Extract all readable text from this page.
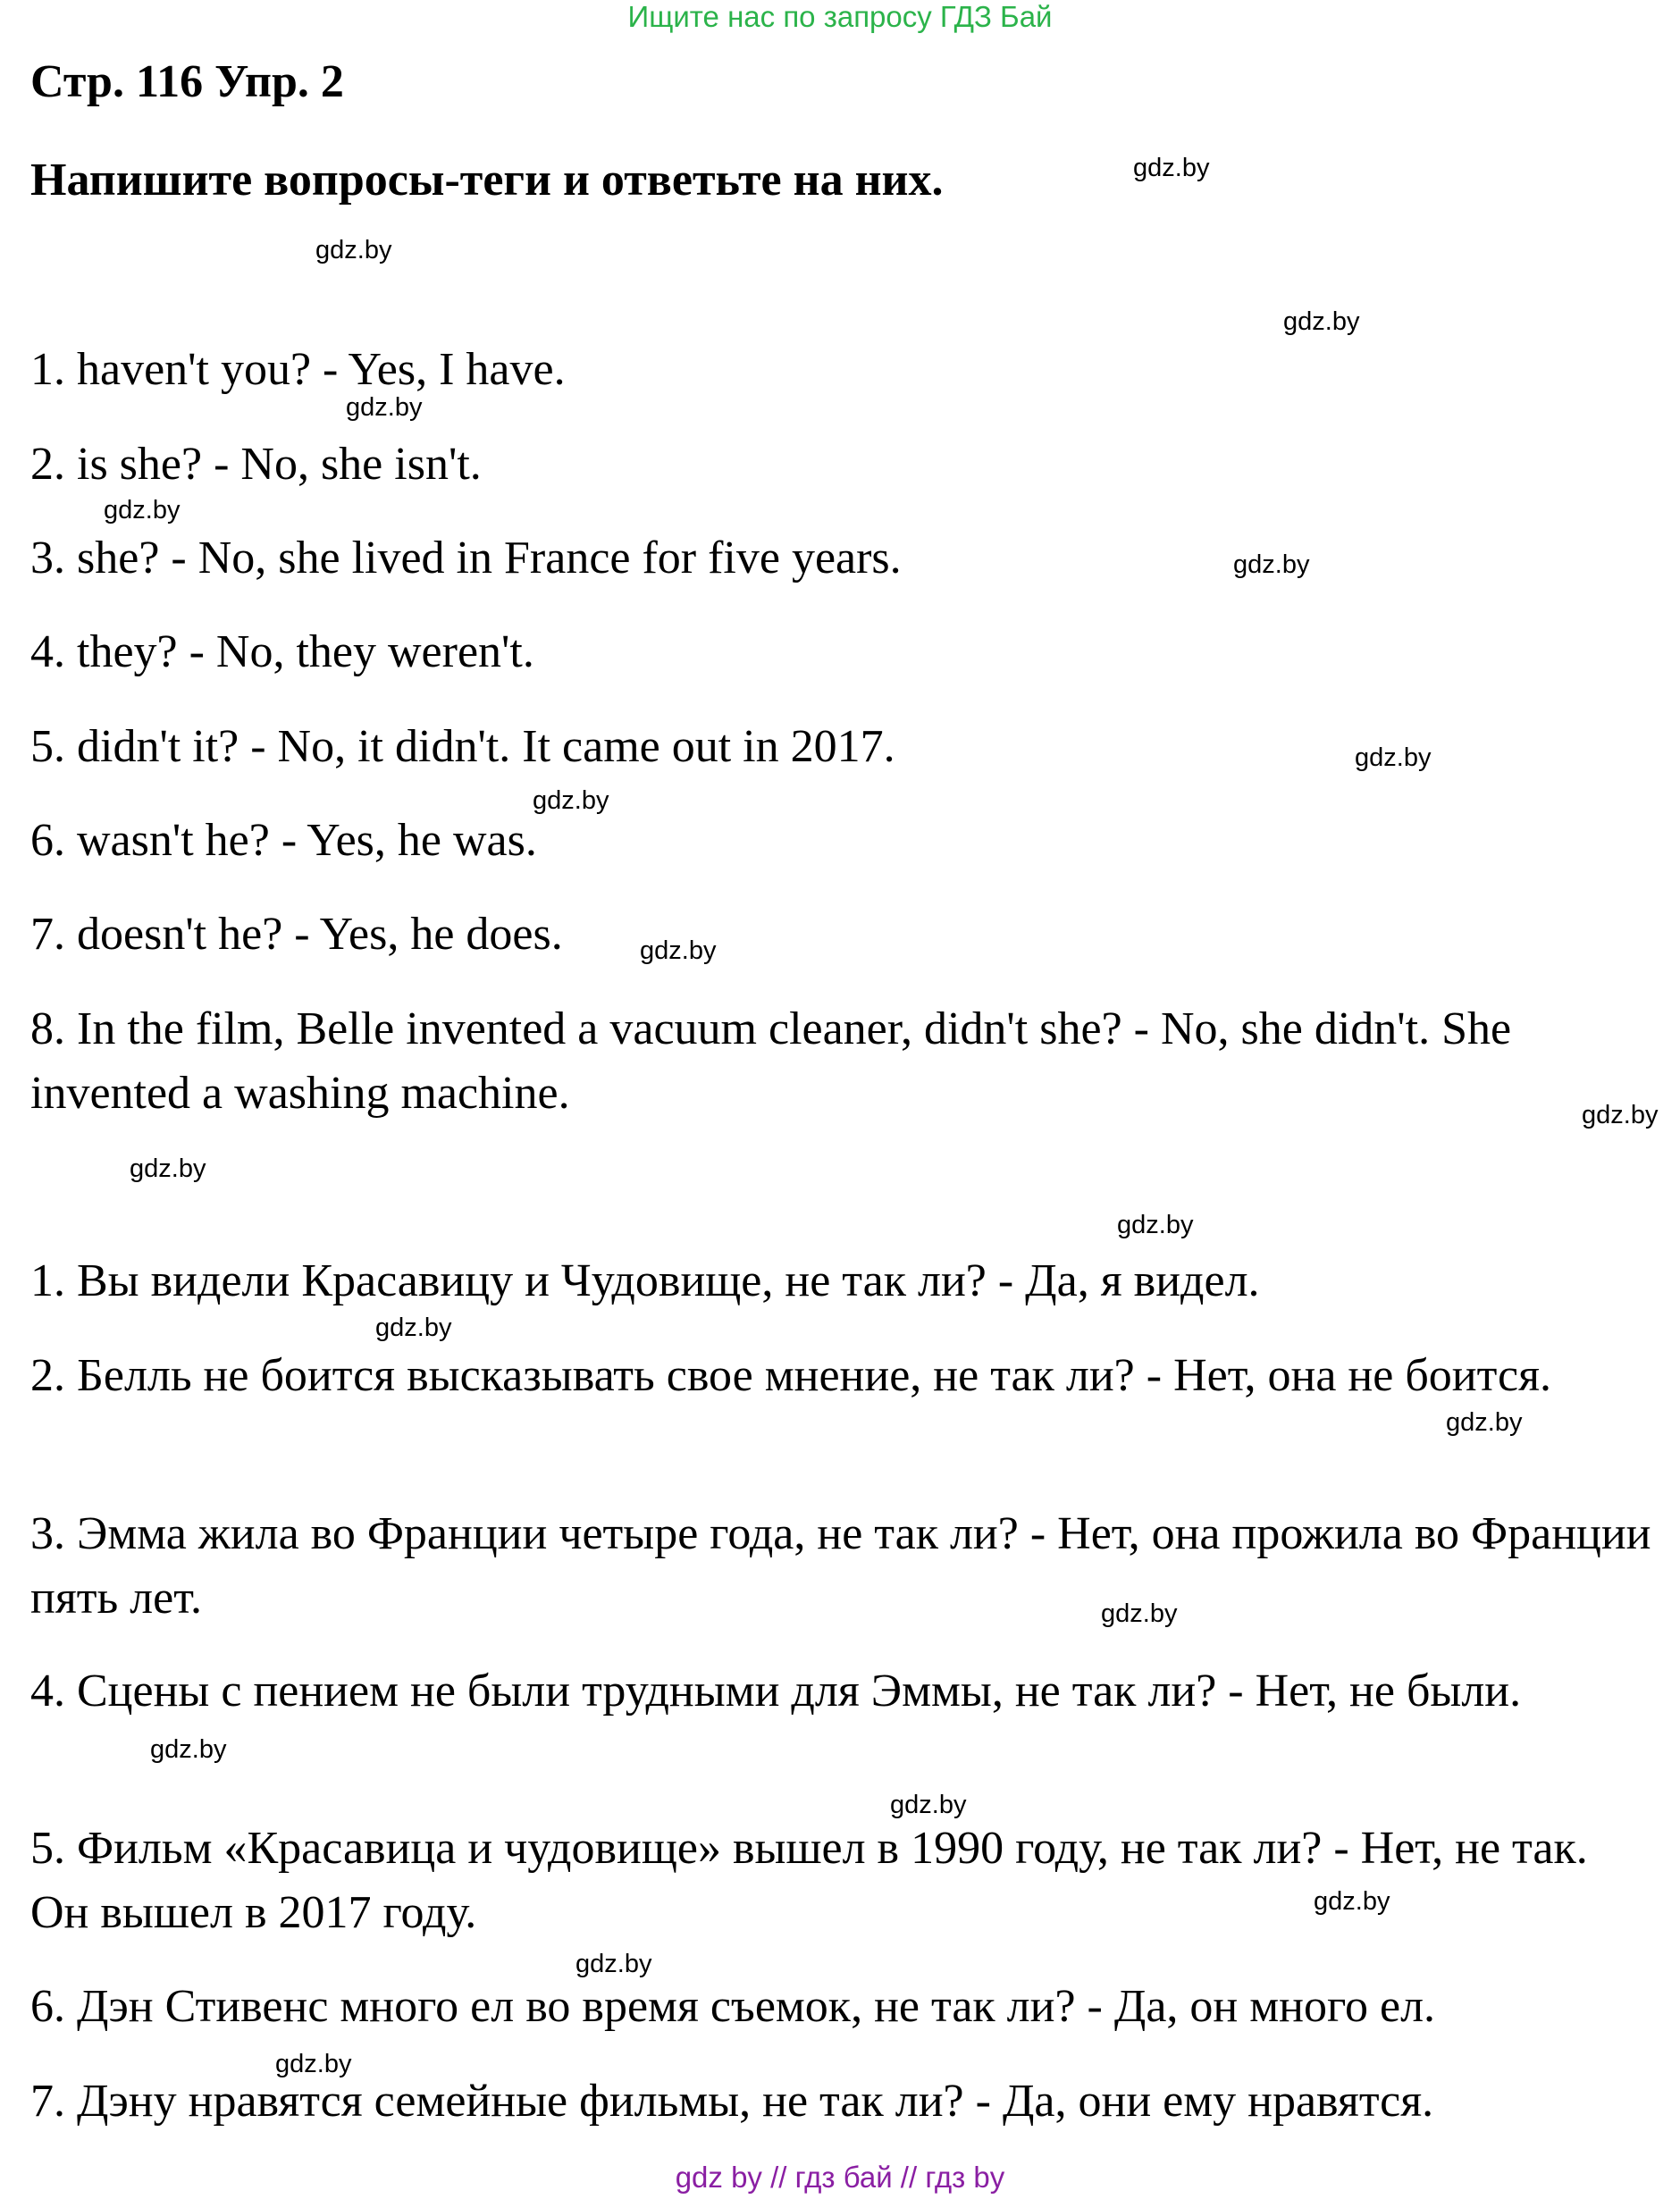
Ищите нас по запросу ГДЗ Бай
Стр. 116 Упр. 2
Напишите вопросы-теги и ответьте на них.
1. haven't you? - Yes, I have.
2. is she? - No, she isn't.
3. she? - No, she lived in France for five years.
4. they? - No, they weren't.
5. didn't it? - No, it didn't. It came out in 2017.
6. wasn't he? - Yes, he was.
7. doesn't he? - Yes, he does.
8. In the film, Belle invented a vacuum cleaner, didn't she? - No, she didn't. She invented a washing machine.
1. Вы видели Красавицу и Чудовище, не так ли? - Да, я видел.
2. Белль не боится высказывать свое мнение, не так ли? - Нет, она не боится.
3. Эмма жила во Франции четыре года, не так ли? - Нет, она прожила во Франции пять лет.
4. Сцены с пением не были трудными для Эммы, не так ли? - Нет, не были.
5. Фильм «Красавица и чудовище» вышел в 1990 году, не так ли? - Нет, не так. Он вышел в 2017 году.
6. Дэн Стивенс много ел во время съемок, не так ли? - Да, он много ел.
7. Дэну нравятся семейные фильмы, не так ли? - Да, они ему нравятся.
gdz.by
gdz.by
gdz.by
gdz.by
gdz.by
gdz.by
gdz.by
gdz.by
gdz.by
gdz.by
gdz.by
gdz.by
gdz.by
gdz.by
gdz.by
gdz.by
gdz.by
gdz.by
gdz.by
gdz.by
gdz by // гдз бай // гдз by
